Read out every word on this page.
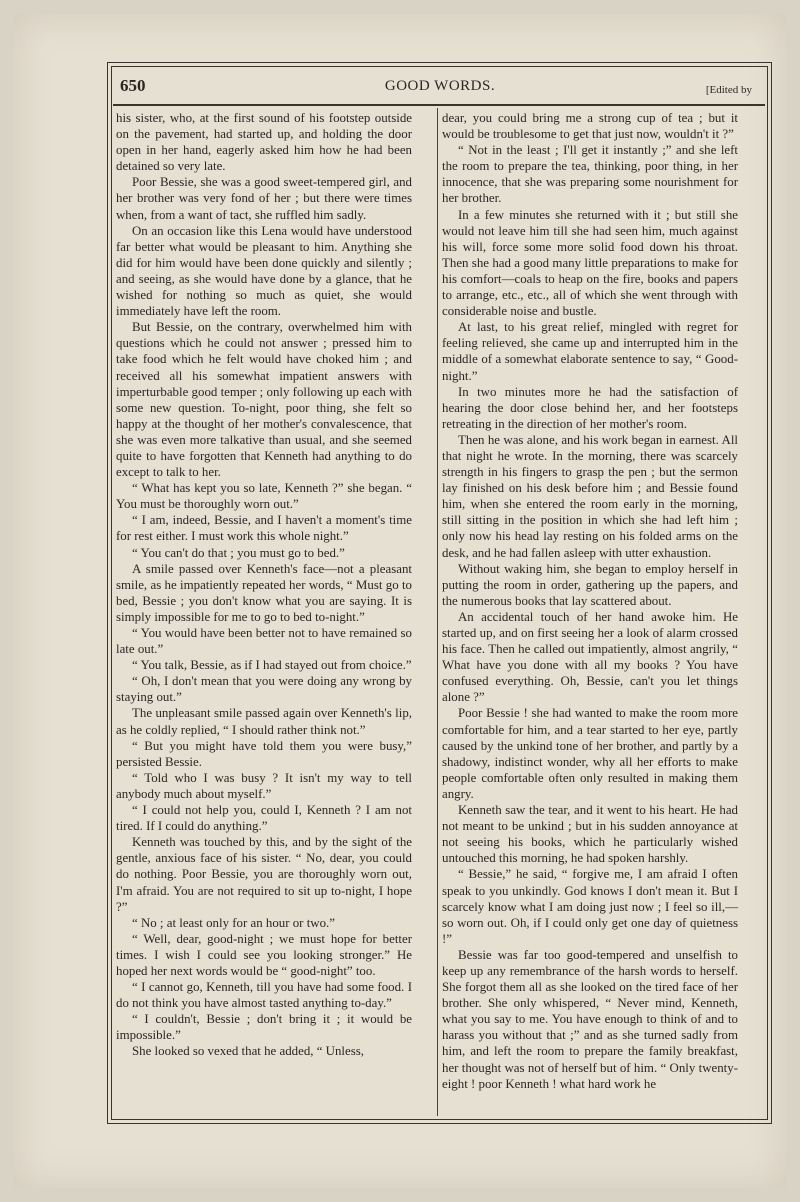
650	GOOD WORDS.	[Edited by

his sister, who, at the first sound of his footstep outside on the pavement, had started up, and holding the door open in her hand, eagerly asked him how he had been detained so very late.

Poor Bessie, she was a good sweet-tempered girl, and her brother was very fond of her ; but there were times when, from a want of tact, she ruffled him sadly.

On an occasion like this Lena would have understood far better what would be pleasant to him. Anything she did for him would have been done quickly and silently ; and seeing, as she would have done by a glance, that he wished for nothing so much as quiet, she would immediately have left the room.

But Bessie, on the contrary, overwhelmed him with questions which he could not answer ; pressed him to take food which he felt would have choked him ; and received all his somewhat impatient answers with imperturbable good temper ; only following up each with some new question. To-night, poor thing, she felt so happy at the thought of her mother's convalescence, that she was even more talkative than usual, and she seemed quite to have forgotten that Kenneth had anything to do except to talk to her.

“ What has kept you so late, Kenneth ?” she began. “ You must be thoroughly worn out.”

“ I am, indeed, Bessie, and I haven't a moment's time for rest either. I must work this whole night.”

“ You can't do that ; you must go to bed.”

A smile passed over Kenneth's face—not a pleasant smile, as he impatiently repeated her words, “ Must go to bed, Bessie ; you don't know what you are saying. It is simply impossible for me to go to bed to-night.”

“ You would have been better not to have remained so late out.”

“ You talk, Bessie, as if I had stayed out from choice.”

“ Oh, I don't mean that you were doing any wrong by staying out.”

The unpleasant smile passed again over Kenneth's lip, as he coldly replied, “ I should rather think not.”

“ But you might have told them you were busy,” persisted Bessie.

“ Told who I was busy ? It isn't my way to tell anybody much about myself.”

“ I could not help you, could I, Kenneth ? I am not tired. If I could do anything.”

Kenneth was touched by this, and by the sight of the gentle, anxious face of his sister. “ No, dear, you could do nothing. Poor Bessie, you are thoroughly worn out, I'm afraid. You are not required to sit up to-night, I hope ?”

“ No ; at least only for an hour or two.”

“ Well, dear, good-night ; we must hope for better times. I wish I could see you looking stronger.” He hoped her next words would be “ good-night” too.

“ I cannot go, Kenneth, till you have had some food. I do not think you have almost tasted anything to-day.”

“ I couldn't, Bessie ; don't bring it ; it would be impossible.”

She looked so vexed that he added, “ Unless,

dear, you could bring me a strong cup of tea ; but it would be troublesome to get that just now, wouldn't it ?”

“ Not in the least ; I'll get it instantly ;” and she left the room to prepare the tea, thinking, poor thing, in her innocence, that she was preparing some nourishment for her brother.

In a few minutes she returned with it ; but still she would not leave him till she had seen him, much against his will, force some more solid food down his throat. Then she had a good many little preparations to make for his comfort—coals to heap on the fire, books and papers to arrange, etc., etc., all of which she went through with considerable noise and bustle.

At last, to his great relief, mingled with regret for feeling relieved, she came up and interrupted him in the middle of a somewhat elaborate sentence to say, “ Good-night.”

In two minutes more he had the satisfaction of hearing the door close behind her, and her footsteps retreating in the direction of her mother's room.

Then he was alone, and his work began in earnest. All that night he wrote. In the morning, there was scarcely strength in his fingers to grasp the pen ; but the sermon lay finished on his desk before him ; and Bessie found him, when she entered the room early in the morning, still sitting in the position in which she had left him ; only now his head lay resting on his folded arms on the desk, and he had fallen asleep with utter exhaustion.

Without waking him, she began to employ herself in putting the room in order, gathering up the papers, and the numerous books that lay scattered about.

An accidental touch of her hand awoke him. He started up, and on first seeing her a look of alarm crossed his face. Then he called out impatiently, almost angrily, “ What have you done with all my books ? You have confused everything. Oh, Bessie, can't you let things alone ?”

Poor Bessie ! she had wanted to make the room more comfortable for him, and a tear started to her eye, partly caused by the unkind tone of her brother, and partly by a shadowy, indistinct wonder, why all her efforts to make people comfortable often only resulted in making them angry.

Kenneth saw the tear, and it went to his heart. He had not meant to be unkind ; but in his sudden annoyance at not seeing his books, which he particularly wished untouched this morning, he had spoken harshly.

“ Bessie,” he said, “ forgive me, I am afraid I often speak to you unkindly. God knows I don't mean it. But I scarcely know what I am doing just now ; I feel so ill,—so worn out. Oh, if I could only get one day of quietness !”

Bessie was far too good-tempered and unselfish to keep up any remembrance of the harsh words to herself. She forgot them all as she looked on the tired face of her brother. She only whispered, “ Never mind, Kenneth, what you say to me. You have enough to think of and to harass you without that ;” and as she turned sadly from him, and left the room to prepare the family breakfast, her thought was not of herself but of him. “ Only twenty-eight ! poor Kenneth ! what hard work he
